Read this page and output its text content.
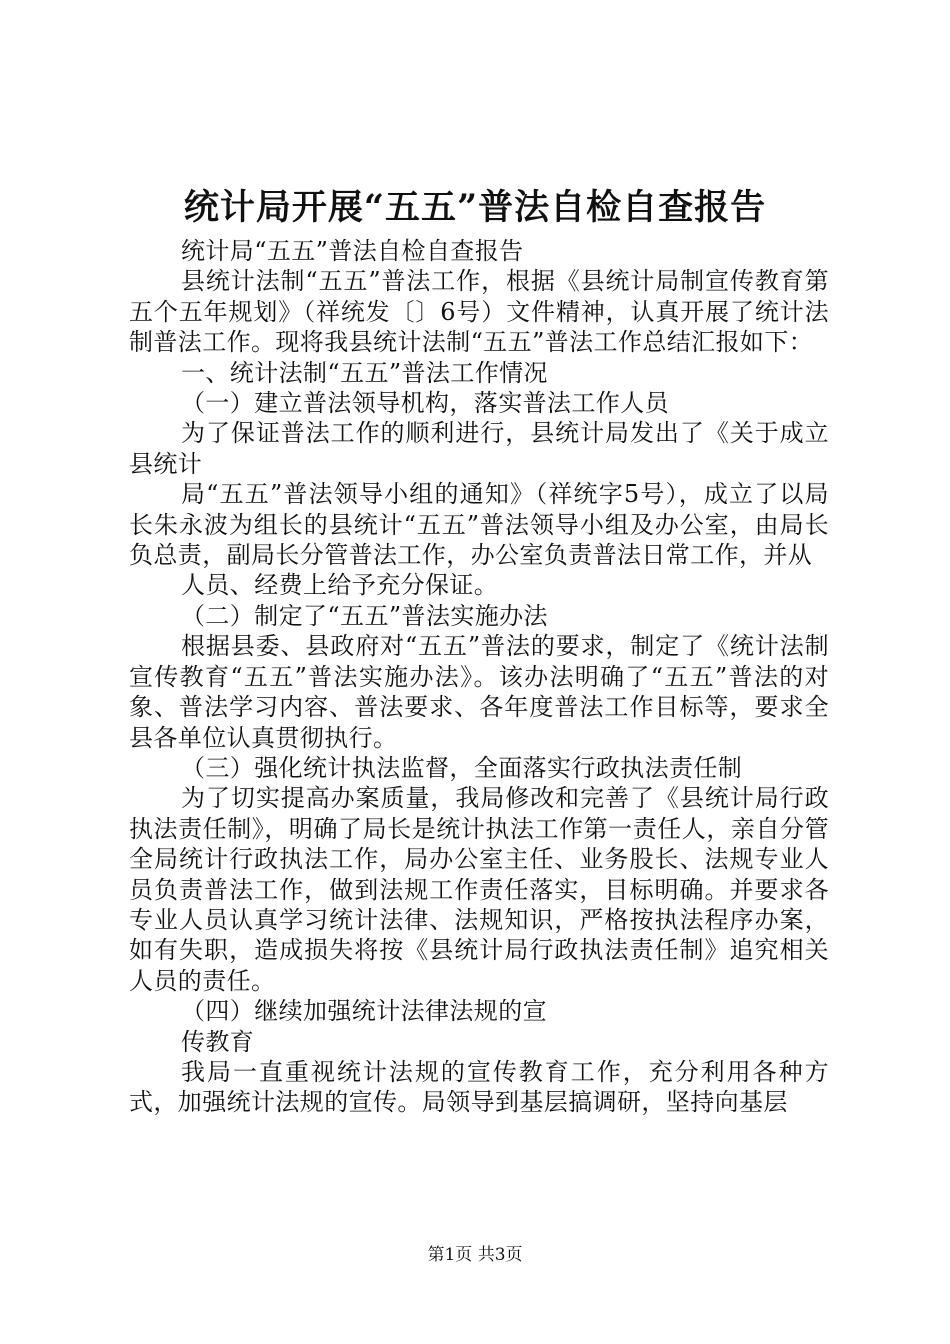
统计局开展“五五”普法自检自查报告

统计局“五五”普法自检自查报告

县统计法制“五五”普法工作，根据《县统计局制宣传教育第五个五年规划》（祥统发〔〕6号）文件精神，认真开展了统计法制普法工作。现将我县统计法制“五五”普法工作总结汇报如下：

一、统计法制“五五”普法工作情况

（一）建立普法领导机构，落实普法工作人员

为了保证普法工作的顺利进行，县统计局发出了《关于成立县统计

局“五五”普法领导小组的通知》（祥统字5号），成立了以局长朱永波为组长的县统计“五五”普法领导小组及办公室，由局长负总责，副局长分管普法工作，办公室负责普法日常工作，并从

人员、经费上给予充分保证。

（二）制定了“五五”普法实施办法

根据县委、县政府对“五五”普法的要求，制定了《统计法制宣传教育“五五”普法实施办法》。该办法明确了“五五”普法的对象、普法学习内容、普法要求、各年度普法工作目标等，要求全县各单位认真贯彻执行。

（三）强化统计执法监督，全面落实行政执法责任制

为了切实提高办案质量，我局修改和完善了《县统计局行政执法责任制》，明确了局长是统计执法工作第一责任人，亲自分管全局统计行政执法工作，局办公室主任、业务股长、法规专业人员负责普法工作，做到法规工作责任落实，目标明确。并要求各专业人员认真学习统计法律、法规知识，严格按执法程序办案，如有失职，造成损失将按《县统计局行政执法责任制》追究相关人员的责任。

（四）继续加强统计法律法规的宣

传教育

我局一直重视统计法规的宣传教育工作，充分利用各种方式，加强统计法规的宣传。局领导到基层搞调研，坚持向基层

第1页 共3页
